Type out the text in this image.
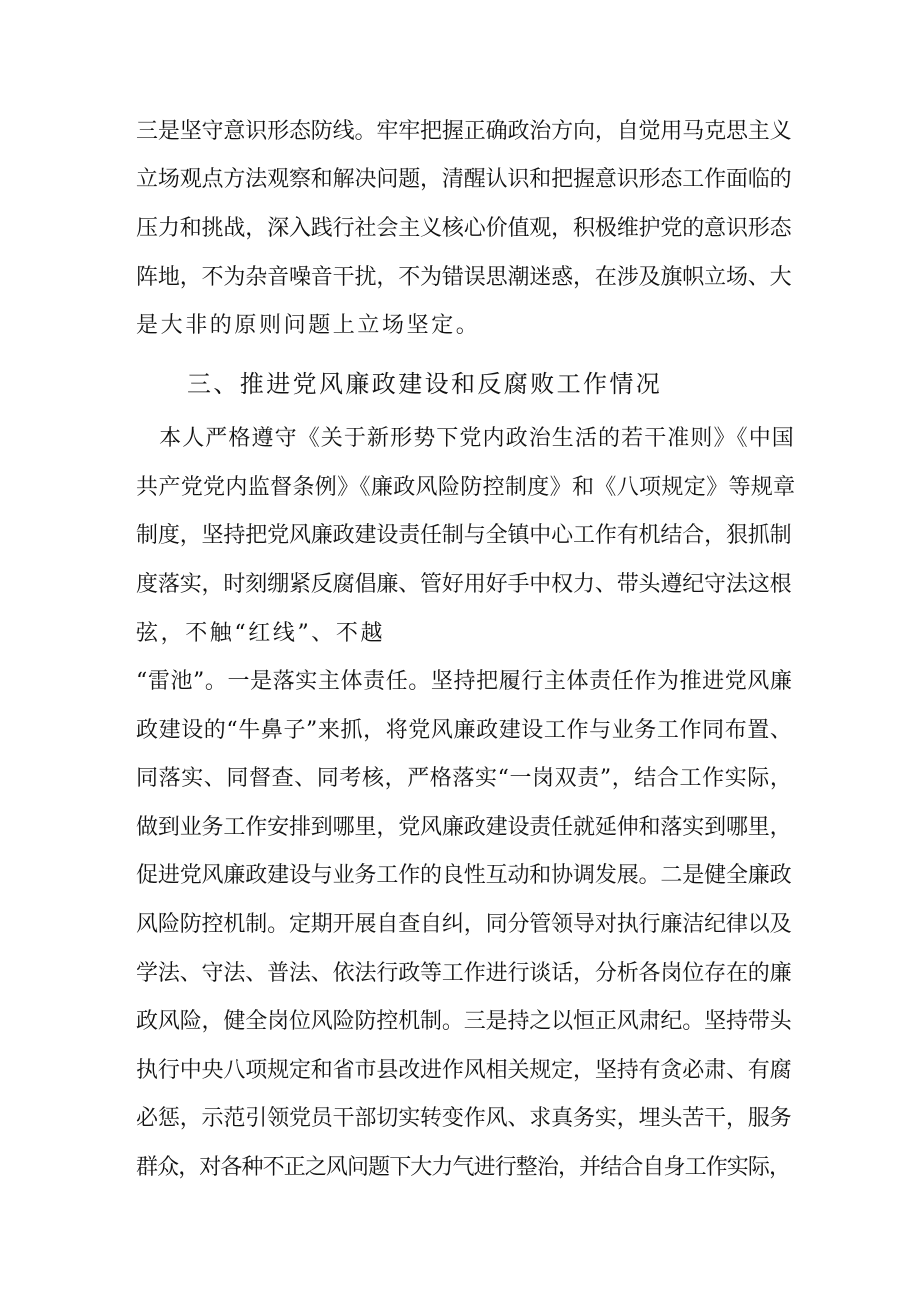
三是坚守意识形态防线。牢牢把握正确政治方向，自觉用马克思主义

立场观点方法观察和解决问题，清醒认识和把握意识形态工作面临的

压力和挑战，深入践行社会主义核心价值观，积极维护党的意识形态

阵地，不为杂音噪音干扰，不为错误思潮迷惑，在涉及旗帜立场、大

是大非的原则问题上立场坚定。

三、推进党风廉政建设和反腐败工作情况

　本人严格遵守《关于新形势下党内政治生活的若干准则》《中国

共产党党内监督条例》《廉政风险防控制度》和《八项规定》等规章

制度，坚持把党风廉政建设责任制与全镇中心工作有机结合，狠抓制

度落实，时刻绷紧反腐倡廉、管好用好手中权力、带头遵纪守法这根

弦，不触“红线”、不越

“雷池”。一是落实主体责任。坚持把履行主体责任作为推进党风廉

政建设的“牛鼻子”来抓，将党风廉政建设工作与业务工作同布置、

同落实、同督查、同考核，严格落实“一岗双责”，结合工作实际，

做到业务工作安排到哪里，党风廉政建设责任就延伸和落实到哪里，

促进党风廉政建设与业务工作的良性互动和协调发展。二是健全廉政

风险防控机制。定期开展自查自纠，同分管领导对执行廉洁纪律以及

学法、守法、普法、依法行政等工作进行谈话，分析各岗位存在的廉

政风险，健全岗位风险防控机制。三是持之以恒正风肃纪。坚持带头

执行中央八项规定和省市县改进作风相关规定，坚持有贪必肃、有腐

必惩，示范引领党员干部切实转变作风、求真务实，埋头苦干，服务

群众，对各种不正之风问题下大力气进行整治，并结合自身工作实际，
